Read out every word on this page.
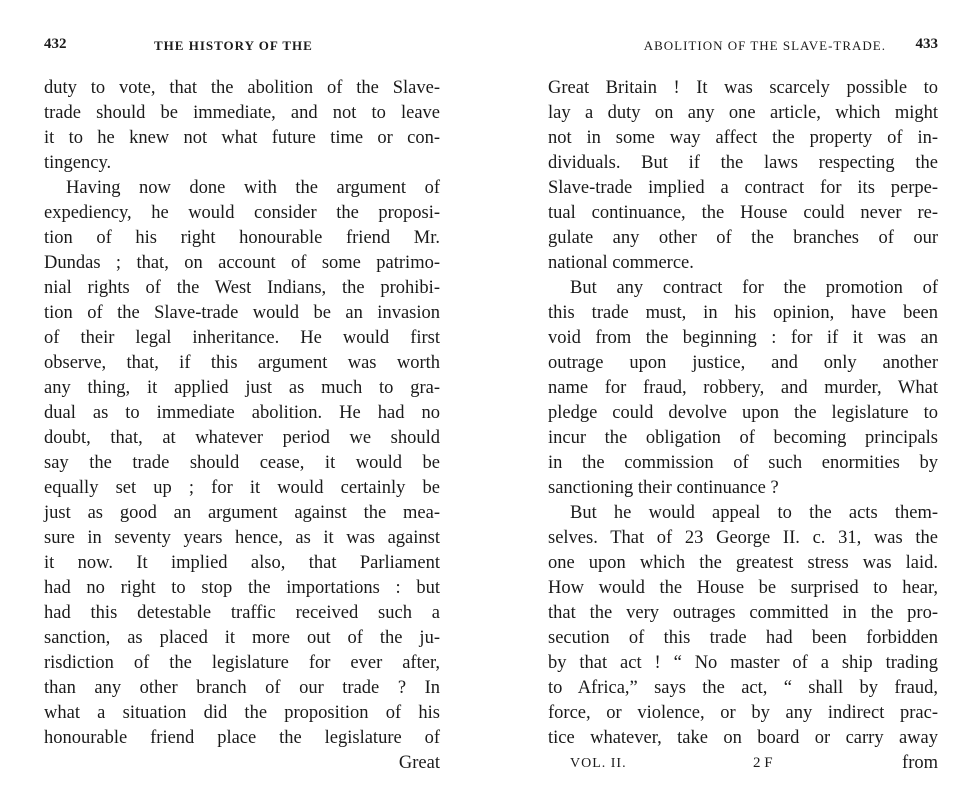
432	THE HISTORY OF THE
duty to vote, that the abolition of the Slave-
trade should be immediate, and not to leave
it to he knew not what future time or con-
tingency.
Having now done with the argument of
expediency, he would consider the proposi-
tion of his right honourable friend Mr.
Dundas ; that, on account of some patrimo-
nial rights of the West Indians, the prohibi-
tion of the Slave-trade would be an invasion
of their legal inheritance. He would first
observe, that, if this argument was worth
any thing, it applied just as much to gra-
dual as to immediate abolition. He had no
doubt, that, at whatever period we should
say the trade should cease, it would be
equally set up ; for it would certainly be
just as good an argument against the mea-
sure in seventy years hence, as it was against
it now. It implied also, that Parliament
had no right to stop the importations : but
had this detestable traffic received such a
sanction, as placed it more out of the ju-
risdiction of the legislature for ever after,
than any other branch of our trade ? In
what a situation did the proposition of his
honourable friend place the legislature of
Great
ABOLITION OF THE SLAVE-TRADE. 433
Great Britain ! It was scarcely possible to
lay a duty on any one article, which might
not in some way affect the property of in-
dividuals. But if the laws respecting the
Slave-trade implied a contract for its perpe-
tual continuance, the House could never re-
gulate any other of the branches of our
national commerce.
But any contract for the promotion of
this trade must, in his opinion, have been
void from the beginning : for if it was an
outrage upon justice, and only another
name for fraud, robbery, and murder, What
pledge could devolve upon the legislature to
incur the obligation of becoming principals
in the commission of such enormities by
sanctioning their continuance ?
But he would appeal to the acts them-
selves. That of 23 George II. c. 31, was the
one upon which the greatest stress was laid.
How would the House be surprised to hear,
that the very outrages committed in the pro-
secution of this trade had been forbidden
by that act ! “ No master of a ship trading
to Africa,” says the act, “ shall by fraud,
force, or violence, or by any indirect prac-
tice whatever, take on board or carry away
VOL. II.	2 F	from
